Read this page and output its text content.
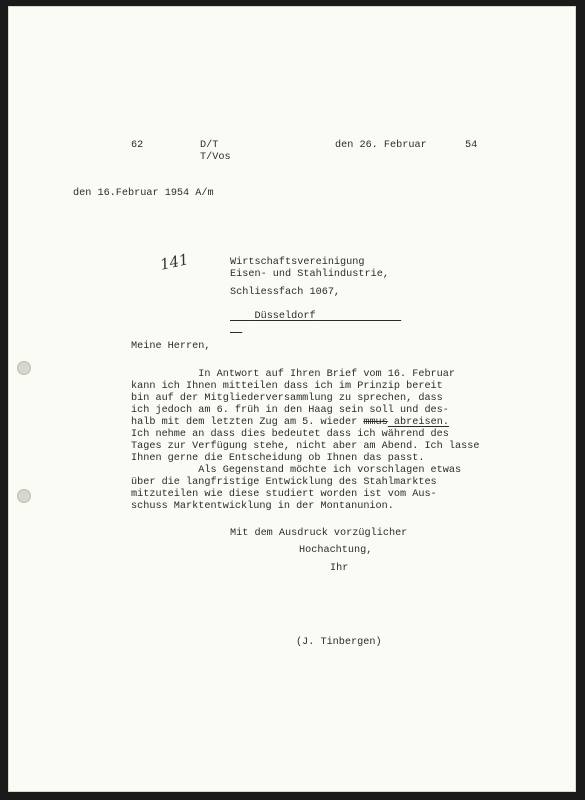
62	D/T
T/Vos
den 26. Februar	54
den 16.Februar 1954 A/m
141	Wirtschaftsvereinigung
Eisen- und Stahlindustrie,
Schliessfach 1067,

Düsseldorf

Meine Herren,
In Antwort auf Ihren Brief vom 16. Februar
kann ich Ihnen mitteilen dass ich im Prinzip bereit
bin auf der Mitgliederversammlung zu sprechen, dass
ich jedoch am 6. früh in den Haag sein soll und des-
halb mit dem letzten Zug am 5. wieder mmus abreisen.
Ich nehme an dass dies bedeutet dass ich während des
Tages zur Verfügung stehe, nicht aber am Abend. Ich lasse
Ihnen gerne die Entscheidung ob Ihnen das passt.
Als Gegenstand möchte ich vorschlagen etwas
über die langfristige Entwicklung des Stahlmarktes
mitzuteilen wie diese studiert worden ist vom Aus-
schuss Marktentwicklung in der Montanunion.
Mit dem Ausdruck vorzüglicher
Hochachtung,
Ihr
(J. Tinbergen)
